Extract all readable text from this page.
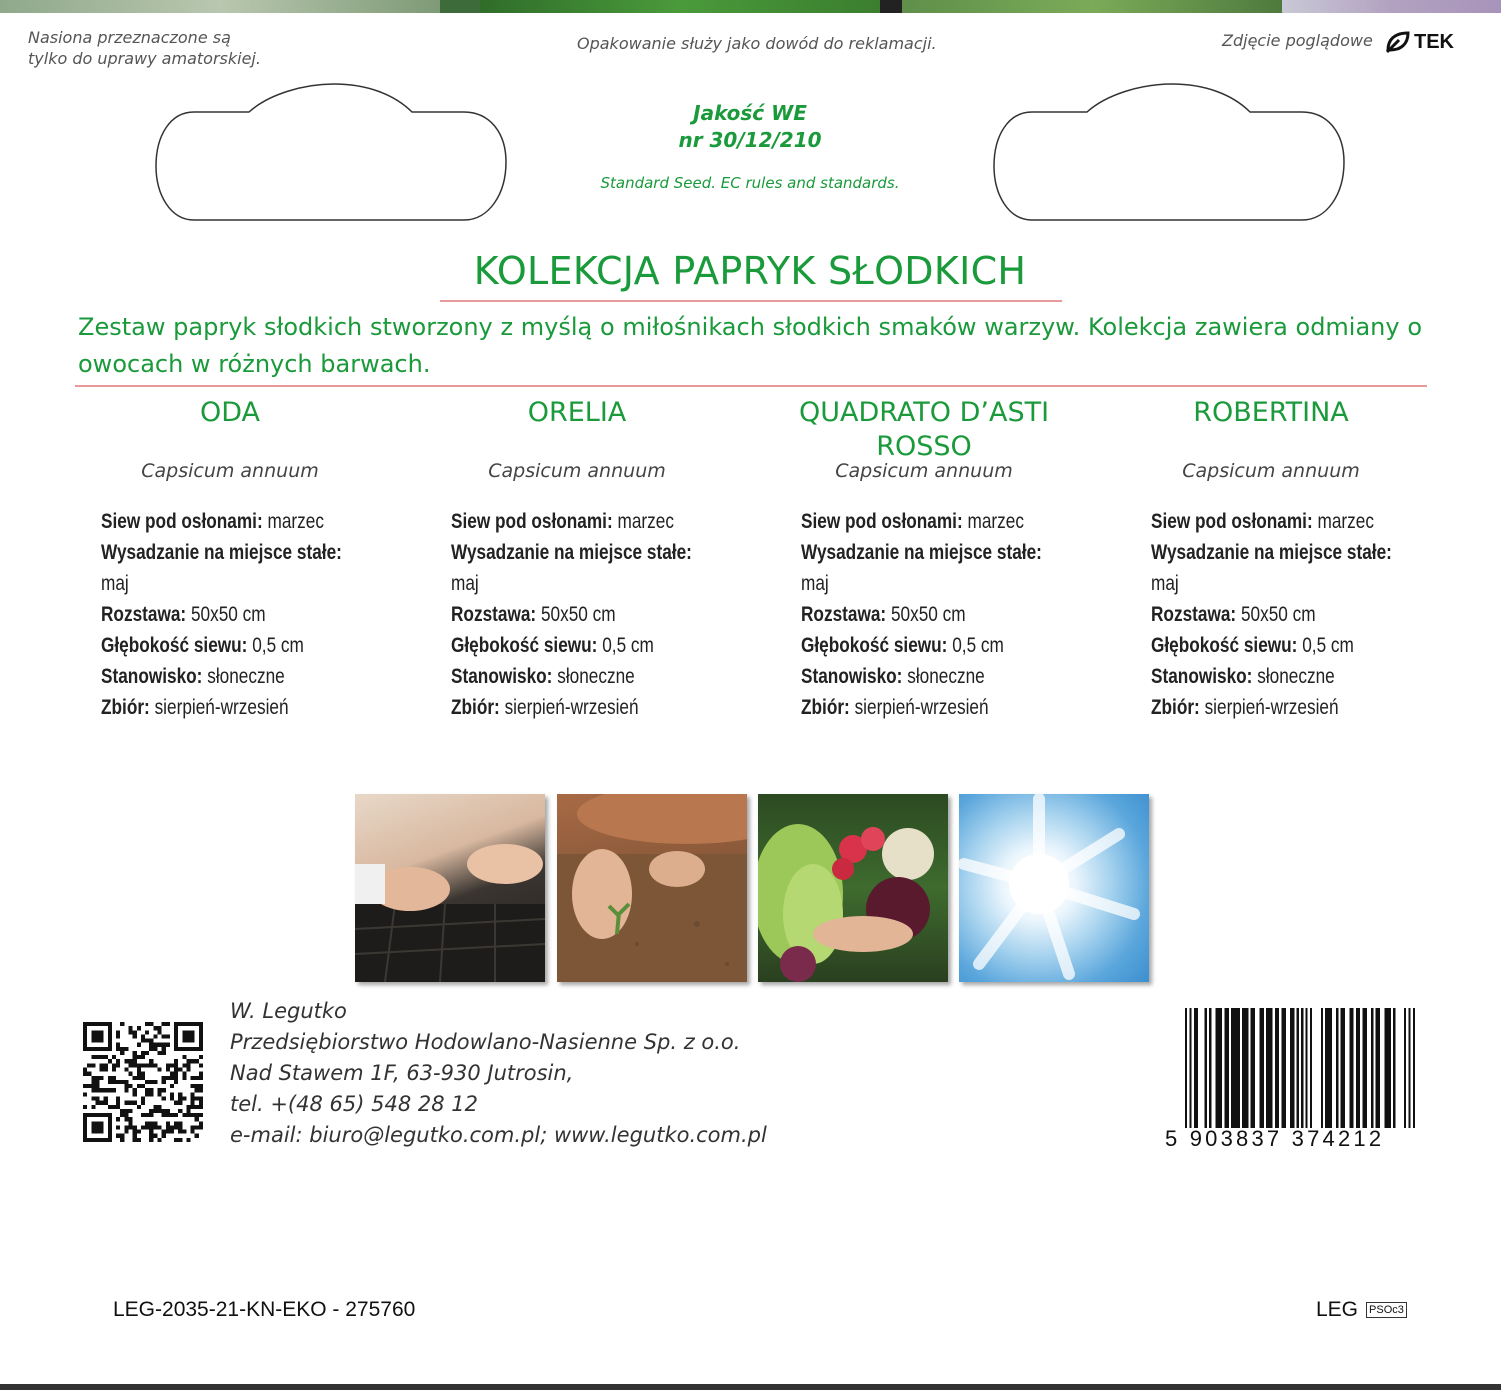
Nasiona przeznaczone są
tylko do uprawy amatorskiej.
Opakowanie służy jako dowód do reklamacji.	Zdjęcie poglądowe TEK
Jakość WE
nr 30/12/210
Standard Seed. EC rules and standards.
KOLEKCJA PAPRYK SŁODKICH
Zestaw papryk słodkich stworzony z myślą o miłośnikach słodkich smaków warzyw. Kolekcja zawiera odmiany o owocach w różnych barwach.
ODA
Capsicum annuum
ORELIA
Capsicum annuum
QUADRATO D’ASTI ROSSO
Capsicum annuum
ROBERTINA
Capsicum annuum
Siew pod osłonami: marzec
Wysadzanie na miejsce stałe:
maj
Rozstawa: 50x50 cm
Głębokość siewu: 0,5 cm
Stanowisko: słoneczne
Zbiór: sierpień-wrzesień
Siew pod osłonami: marzec
Wysadzanie na miejsce stałe:
maj
Rozstawa: 50x50 cm
Głębokość siewu: 0,5 cm
Stanowisko: słoneczne
Zbiór: sierpień-wrzesień
Siew pod osłonami: marzec
Wysadzanie na miejsce stałe:
maj
Rozstawa: 50x50 cm
Głębokość siewu: 0,5 cm
Stanowisko: słoneczne
Zbiór: sierpień-wrzesień
Siew pod osłonami: marzec
Wysadzanie na miejsce stałe:
maj
Rozstawa: 50x50 cm
Głębokość siewu: 0,5 cm
Stanowisko: słoneczne
Zbiór: sierpień-wrzesień
W. Legutko
Przedsiębiorstwo Hodowlano-Nasienne Sp. z o.o.
Nad Stawem 1F, 63-930 Jutrosin,
tel. +(48 65) 548 28 12
e-mail: biuro@legutko.com.pl; www.legutko.com.pl	5 903837 374212
LEG-2035-21-KN-EKO - 275760	LEG PSOc3
